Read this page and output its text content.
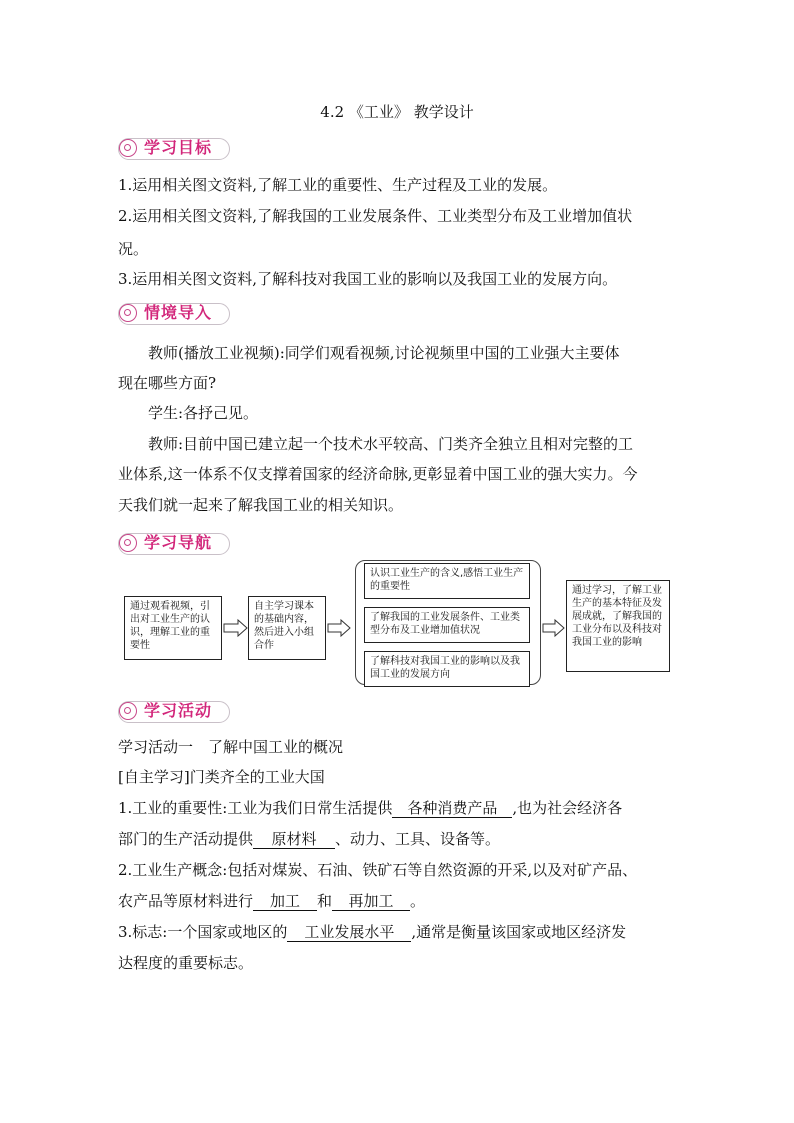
4.2 《工业》 教学设计
学习目标
1.运用相关图文资料,了解工业的重要性、生产过程及工业的发展。
2.运用相关图文资料,了解我国的工业发展条件、工业类型分布及工业增加值状
况。
3.运用相关图文资料,了解科技对我国工业的影响以及我国工业的发展方向。
情境导入
教师(播放工业视频):同学们观看视频,讨论视频里中国的工业强大主要体
现在哪些方面?
学生:各抒己见。
教师:目前中国已建立起一个技术水平较高、门类齐全独立且相对完整的工
业体系,这一体系不仅支撑着国家的经济命脉,更彰显着中国工业的强大实力。今
天我们就一起来了解我国工业的相关知识。
学习导航
通过观看视频，引出对工业生产的认识，理解工业的重要性
自主学习课本的基础内容，然后进入小组合作
认识工业生产的含义,感悟工业生产的重要性
了解我国的工业发展条件、工业类型分布及工业增加值状况
了解科技对我国工业的影响以及我国工业的发展方向
通过学习，了解工业生产的基本特征及发展成就，了解我国的工业分布以及科技对我国工业的影响
学习活动
学习活动一　了解中国工业的概况
[自主学习]门类齐全的工业大国
1.工业的重要性:工业为我们日常生活提供 各种消费产品 ,也为社会经济各
部门的生产活动提供 原材料 、动力、工具、设备等。
2.工业生产概念:包括对煤炭、石油、铁矿石等自然资源的开采,以及对矿产品、
农产品等原材料进行 加工 和 再加工 。
3.标志:一个国家或地区的 工业发展水平 ,通常是衡量该国家或地区经济发
达程度的重要标志。
